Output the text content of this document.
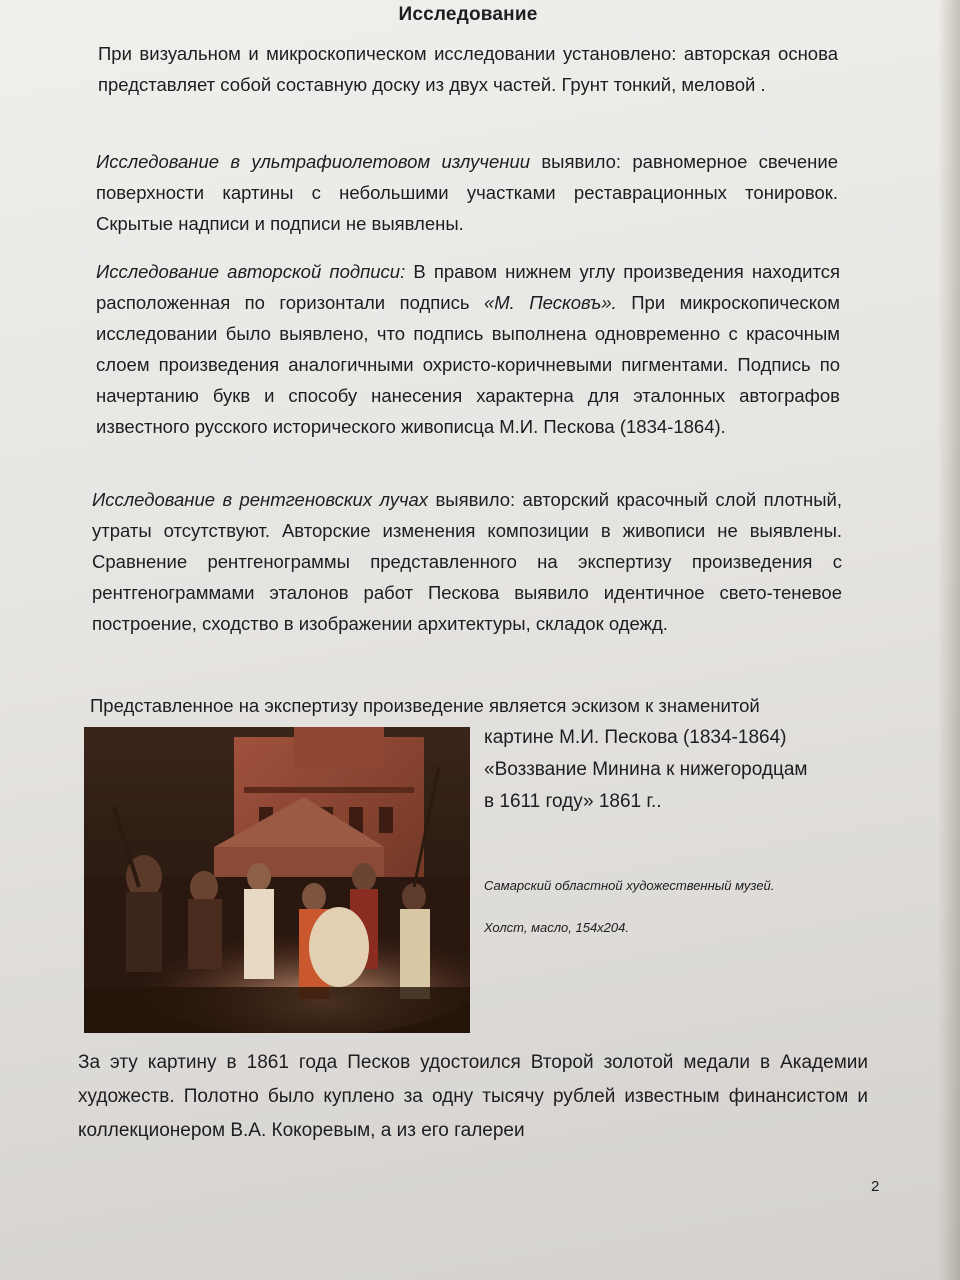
Исследование

При визуальном и микроскопическом исследовании установлено: авторская основа представляет собой составную доску из двух частей. Грунт тонкий, меловой .

Исследование в ультрафиолетовом излучении выявило: равномерное свечение поверхности картины с небольшими участками реставрационных тонировок. Скрытые надписи и подписи не выявлены.

Исследование авторской подписи: В правом нижнем углу произведения находится расположенная по горизонтали подпись «М. Песковъ». При микроскопическом исследовании было выявлено, что подпись выполнена одновременно с красочным слоем произведения аналогичными охристо-коричневыми пигментами. Подпись по начертанию букв и способу нанесения характерна для эталонных автографов известного русского исторического живописца М.И. Пескова (1834-1864).

Исследование в рентгеновских лучах выявило: авторский красочный слой плотный, утраты отсутствуют. Авторские изменения композиции в живописи не выявлены. Сравнение рентгенограммы представленного на экспертизу произведения с рентгенограммами эталонов работ Пескова выявило идентичное свето-теневое построение, сходство в изображении архитектуры, складок одежд.

Представленное на экспертизу произведение является эскизом к знаменитой

За эту картину в 1861 года Песков удостоился Второй золотой медали в Академии художеств. Полотно было куплено за одну тысячу рублей известным финансистом и коллекционером В.А. Кокоревым, а из его галереи

картине М.И. Пескова (1834-1864)
«Воззвание Минина к нижегородцам
в 1611 году» 1861 г..
Самарский областной художественный музей.
Холст, масло, 154х204.
2
